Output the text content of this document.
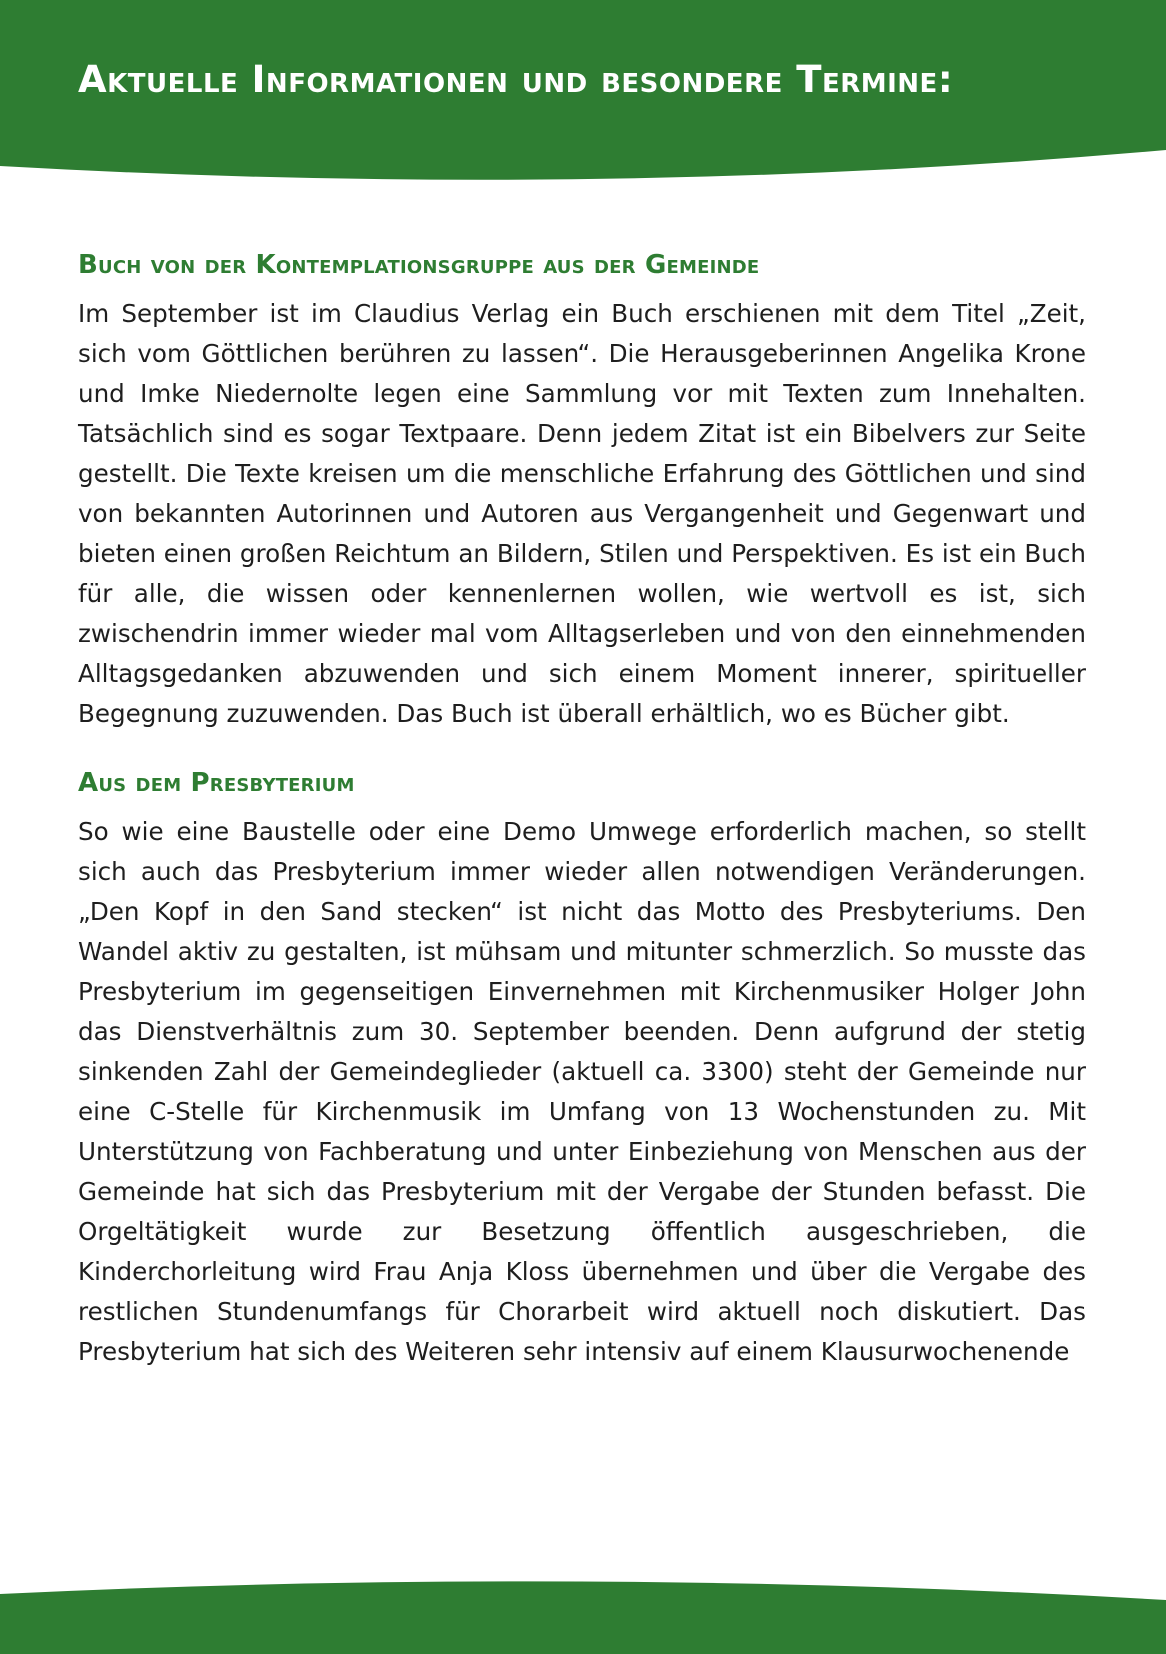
Aktuelle Informationen und besondere Termine:
Buch von der Kontemplationsgruppe aus der Gemeinde

Im September ist im Claudius Verlag ein Buch erschienen mit dem Titel „Zeit, sich vom Göttlichen berühren zu lassen“. Die Herausgeberinnen Angelika Krone und Imke Niedernolte legen eine Sammlung vor mit Texten zum Innehalten. Tatsächlich sind es sogar Textpaare. Denn jedem Zitat ist ein Bibelvers zur Seite gestellt. Die Texte kreisen um die menschliche Erfahrung des Göttlichen und sind von bekannten Autorinnen und Autoren aus Vergangenheit und Gegenwart und bieten einen großen Reichtum an Bildern, Stilen und Perspektiven. Es ist ein Buch für alle, die wissen oder kennenlernen wollen, wie wertvoll es ist, sich zwischendrin immer wieder mal vom Alltagserleben und von den einnehmenden Alltagsgedanken abzuwenden und sich einem Moment innerer, spiritueller Begegnung zuzuwenden. Das Buch ist überall erhältlich, wo es Bücher gibt.

Aus dem Presbyterium

So wie eine Baustelle oder eine Demo Umwege erforderlich machen, so stellt sich auch das Presbyterium immer wieder allen notwendigen Veränderungen. „Den Kopf in den Sand stecken“ ist nicht das Motto des Presbyteriums. Den Wandel aktiv zu gestalten, ist mühsam und mitunter schmerzlich. So musste das Presbyterium im gegenseitigen Einvernehmen mit Kirchenmusiker Holger John das Dienstverhältnis zum 30. September beenden. Denn aufgrund der stetig sinkenden Zahl der Gemeindeglieder (aktuell ca. 3300) steht der Gemeinde nur eine C-Stelle für Kirchenmusik im Umfang von 13 Wochenstunden zu. Mit Unterstützung von Fachberatung und unter Einbeziehung von Menschen aus der Gemeinde hat sich das Presbyterium mit der Vergabe der Stunden befasst. Die Orgeltätigkeit wurde zur Besetzung öffentlich ausgeschrieben, die Kinderchorleitung wird Frau Anja Kloss übernehmen und über die Vergabe des restlichen Stundenumfangs für Chorarbeit wird aktuell noch diskutiert. Das Presbyterium hat sich des Weiteren sehr intensiv auf einem Klausurwochenende
